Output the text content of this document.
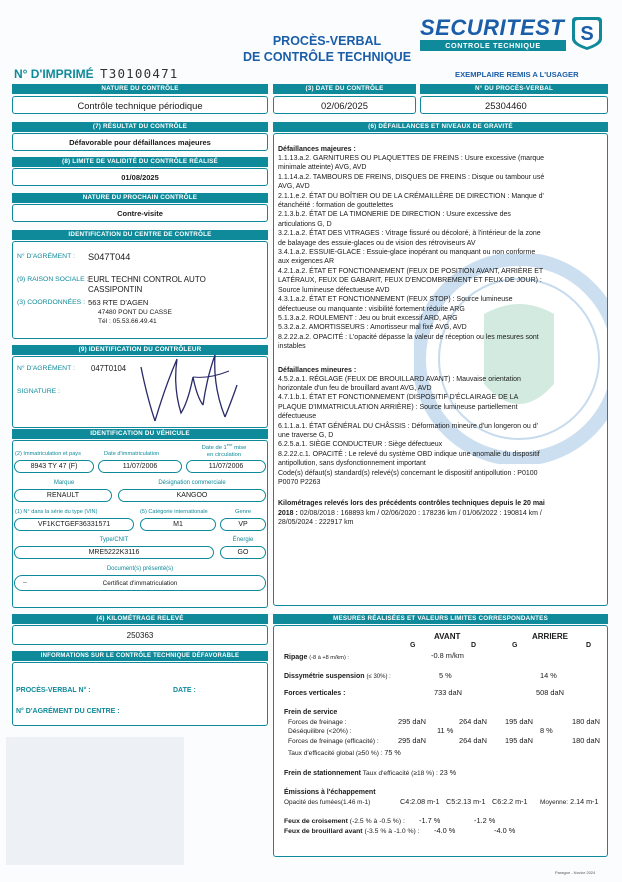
N° D'IMPRIMÉ T30100471
PROCÈS-VERBAL
DE CONTRÔLE TECHNIQUE
SECURITEST
CONTROLE TECHNIQUE
S
EXEMPLAIRE REMIS A L'USAGER
NATURE DU CONTRÔLE
Contrôle technique périodique
(3) DATE DU CONTRÔLE
02/06/2025
N° DU PROCÈS-VERBAL
25304460
(7) RÉSULTAT DU CONTRÔLE
Défavorable pour défaillances majeures
(8) LIMITE DE VALIDITÉ DU CONTRÔLE RÉALISÉ
01/08/2025
NATURE DU PROCHAIN CONTRÔLE
Contre-visite
IDENTIFICATION DU CENTRE DE CONTRÔLE
N° D'AGRÉMENT : S047T044
(9) RAISON SOCIALE : EURL TECHNI CONTROL AUTO
CASSIPONTIN
(3) COORDONNÉES : 563 RTE D'AGEN
47480 PONT DU CASSE
Tél : 05.53.66.49.41
(9) IDENTIFICATION DU CONTRÔLEUR
N° D'AGRÉMENT : 047T0104
SIGNATURE :
IDENTIFICATION DU VÉHICULE
(2) Immatriculation et pays
8943 TY 47 (F)
Date d'immatriculation
11/07/2006
Date de 1ère mise
en circulation
11/07/2006
Marque
RENAULT
Désignation commerciale
KANGOO
(1) N° dans la série du type (VIN)
VF1KCTGEF36331571
(5) Catégorie internationale
M1
Genre
VP
Type/CNIT
MRE5222K3116
Énergie
GO
Document(s) présenté(s)
--	Certificat d'immatriculation
(4) KILOMÉTRAGE RELEVÉ
250363
INFORMATIONS SUR LE CONTRÔLE TECHNIQUE DÉFAVORABLE
PROCÈS-VERBAL N° :	DATE :
N° D'AGRÉMENT DU CENTRE :
(6) DÉFAILLANCES ET NIVEAUX DE GRAVITÉ
Défaillances majeures :
1.1.13.a.2. GARNITURES OU PLAQUETTES DE FREINS : Usure excessive (marque
minimale atteinte) AVG, AVD
1.1.14.a.2. TAMBOURS DE FREINS, DISQUES DE FREINS : Disque ou tambour usé
AVG, AVD
2.1.1.e.2. ÉTAT DU BOÎTIER OU DE LA CRÉMAILLÈRE DE DIRECTION : Manque d'
étanchéité : formation de gouttelettes
2.1.3.b.2. ÉTAT DE LA TIMONERIE DE DIRECTION : Usure excessive des
articulations G, D
3.2.1.a.2. ÉTAT DES VITRAGES : Vitrage fissuré ou décoloré, à l'intérieur de la zone
de balayage des essuie-glaces ou de vision des rétroviseurs AV
3.4.1.a.2. ESSUIE-GLACE : Essuie-glace inopérant ou manquant ou non conforme
aux exigences AR
4.2.1.a.2. ÉTAT ET FONCTIONNEMENT (FEUX DE POSITION AVANT, ARRIÈRE ET
LATÉRAUX, FEUX DE GABARIT, FEUX D'ENCOMBREMENT ET FEUX DE JOUR) :
Source lumineuse défectueuse AVD
4.3.1.a.2. ÉTAT ET FONCTIONNEMENT (FEUX STOP) : Source lumineuse
défectueuse ou manquante : visibilité fortement réduite ARG
5.1.3.a.2. ROULEMENT : Jeu ou bruit excessif ARD, ARG
5.3.2.a.2. AMORTISSEURS : Amortisseur mal fixé AVG, AVD
8.2.22.a.2. OPACITÉ : L'opacité dépasse la valeur de réception ou les mesures sont
instables
Défaillances mineures :
4.5.2.a.1. RÉGLAGE (FEUX DE BROUILLARD AVANT) : Mauvaise orientation
horizontale d'un feu de brouillard avant AVG, AVD
4.7.1.b.1. ÉTAT ET FONCTIONNEMENT (DISPOSITIF D'ÉCLAIRAGE DE LA
PLAQUE D'IMMATRICULATION ARRIÈRE) : Source lumineuse partiellement
défectueuse
6.1.1.a.1. ÉTAT GÉNÉRAL DU CHÂSSIS : Déformation mineure d'un longeron ou d'
une traverse G, D
6.2.5.a.1. SIÈGE CONDUCTEUR : Siège défectueux
8.2.22.c.1. OPACITÉ : Le relevé du système OBD indique une anomalie du dispositif
antipollution, sans dysfonctionnement important
Code(s) défaut(s) standard(s) relevé(s) concernant le dispositif antipollution : P0100
P0070 P2263
Kilométrages relevés lors des précédents contrôles techniques depuis le 20 mai
2018 : 02/08/2018 : 168893 km / 02/06/2020 : 178236 km / 01/06/2022 : 190814 km /
28/05/2024 : 222917 km
MESURES RÉALISÉES ET VALEURS LIMITES CORRESPONDANTES
AVANT	ARRIERE
G	D	G	D
Ripage (-8 à +8 m/km) :	-0.8 m/km
Dissymétrie suspension (≤ 30%) :	5 %	14 %
Forces verticales :	733 daN	508 daN
Frein de service
Forces de freinage :	295 daN	264 daN 195 daN	180 daN
Déséquilibre (<20%) :	11 %	8 %
Forces de freinage (efficacité) :	295 daN	264 daN 195 daN	180 daN
Taux d'efficacité global (≥50 %) : 75 %
Frein de stationnement Taux d'efficacité (≥18 %) : 23 %
Émissions à l'échappement
Opacité des fumées(1.46 m-1)	C4:2.08 m-1 C5:2.13 m-1 C6:2.2 m-1 Moyenne: 2.14 m-1
Feux de croisement (-2.5 % à -0.5 %) : -1.7 %	-1.2 %
Feux de brouillard avant (-3.5 % à -1.0 %) : -4.0 %	-4.0 %
Paragon - Novior 2024
